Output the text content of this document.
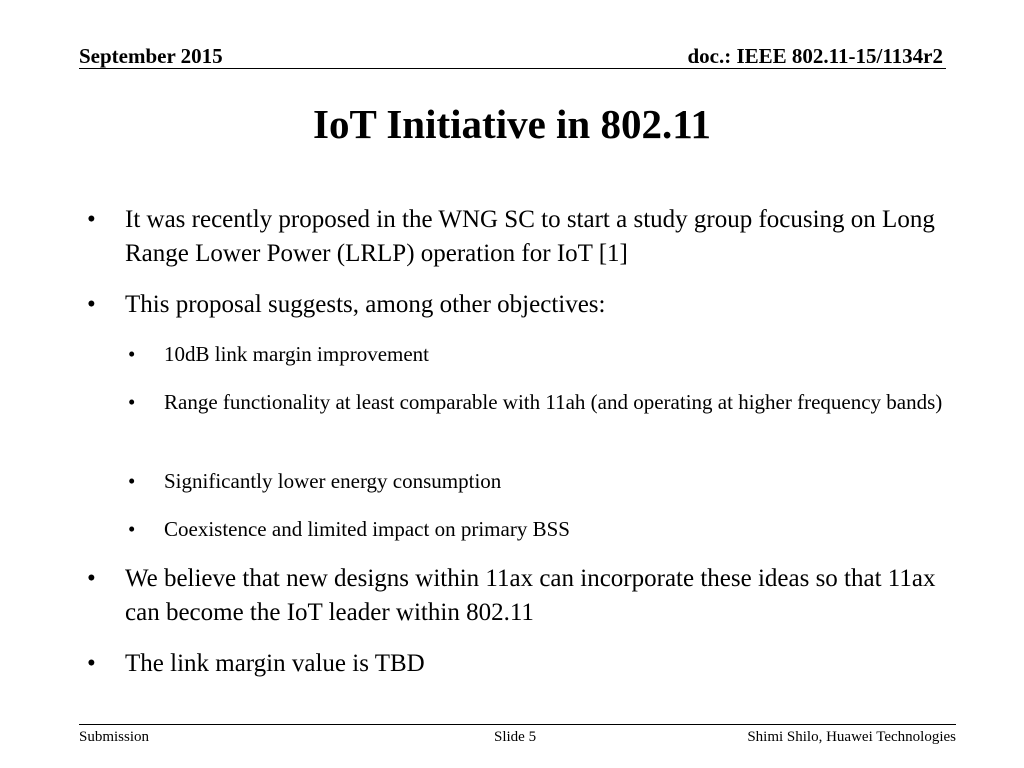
September 2015	doc.: IEEE 802.11-15/1134r2
IoT Initiative in 802.11
• It was recently proposed in the WNG SC to start a study group focusing on Long Range Lower Power (LRLP) operation for IoT [1]
• This proposal suggests, among other objectives:
• 10dB link margin improvement
• Range functionality at least comparable with 11ah (and operating at higher frequency bands)
• Significantly lower energy consumption
• Coexistence and limited impact on primary BSS
• We believe that new designs within 11ax can incorporate these ideas so that 11ax can become the IoT leader within 802.11
• The link margin value is TBD
Submission	Slide 5	Shimi Shilo, Huawei Technologies
